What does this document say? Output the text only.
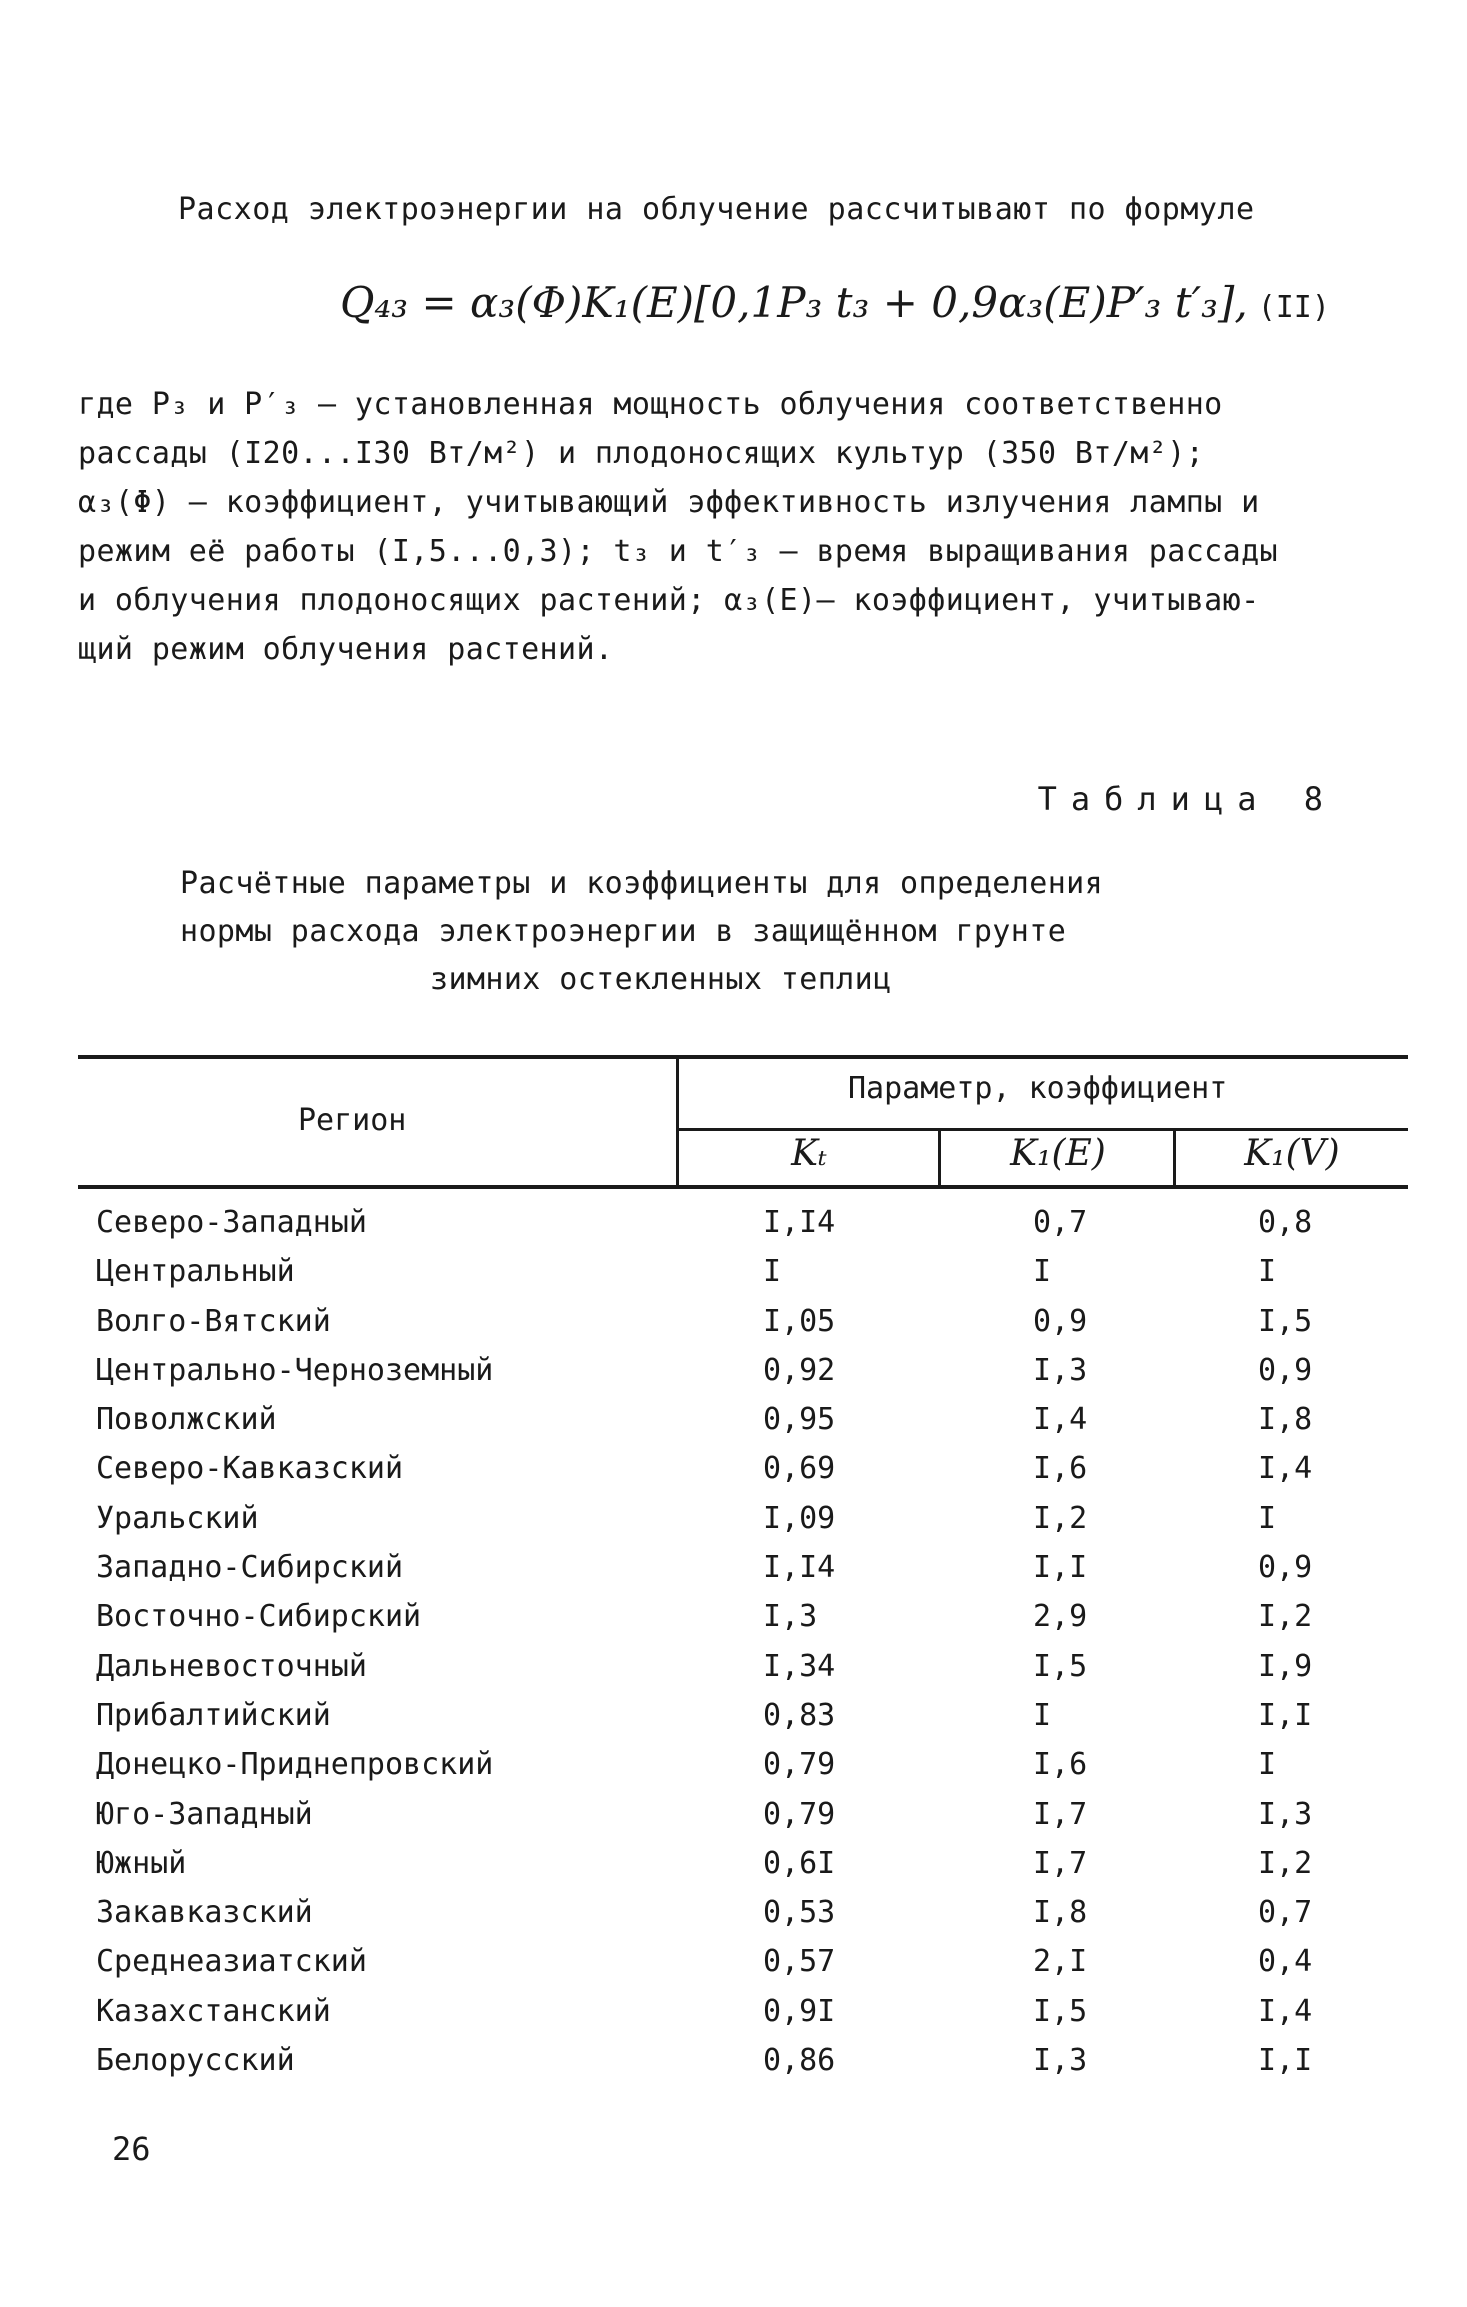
Расход электроэнергии на облучение рассчитывают по формуле
Q₄₃ = α₃(Φ)K₁(E)[0,1P₃ t₃ + 0,9α₃(E)P′₃ t′₃], (II)

где P₃ и P′₃ – установленная мощность облучения соответственно

рассады (I20...I30 Вт/м²) и плодоносящих культур (350 Вт/м²);

α₃(Φ) – коэффициент, учитывающий эффективность излучения лампы и

режим её работы (I,5...0,3); t₃ и t′₃ – время выращивания рассады

и облучения плодоносящих растений; α₃(E)– коэффициент, учитываю-

щий режим облучения растений.

Таблица 8

Расчётные параметры и коэффициенты для определения

нормы расхода электроэнергии в защищённом грунте

зимних остекленных теплиц

Регион
Параметр, коэффициент
Kₜ	K₁(E)	K₁(V)
Северо-Западный	I,I4	0,7	0,8
Центральный	I	I	I
Волго-Вятский	I,05	0,9	I,5
Центрально-Черноземный	0,92	I,3	0,9
Поволжский	0,95	I,4	I,8
Северо-Кавказский	0,69	I,6	I,4
Уральский	I,09	I,2	I
Западно-Сибирский	I,I4	I,I	0,9
Восточно-Сибирский	I,3	2,9	I,2
Дальневосточный	I,34	I,5	I,9
Прибалтийский	0,83	I	I,I
Донецко-Приднепровский	0,79	I,6	I
Юго-Западный	0,79	I,7	I,3
Южный	0,6I	I,7	I,2
Закавказский	0,53	I,8	0,7
Среднеазиатский	0,57	2,I	0,4
Казахстанский	0,9I	I,5	I,4
Белорусский	0,86	I,3	I,I
26
